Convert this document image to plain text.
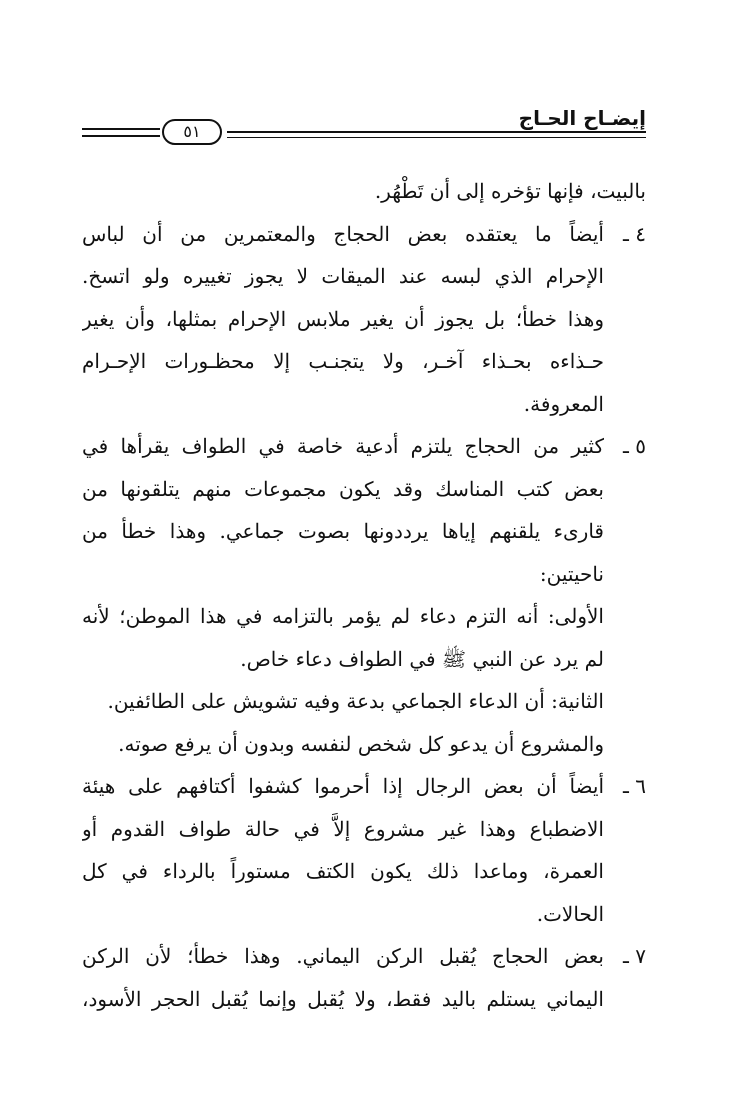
إيضـاح الحـاج
٥١
بالبيت، فإنها تؤخره إلى أن تَطْهُر.
٤ ـ
أيضاً ما يعتقده بعض الحجاج والمعتمرين من أن لباس
الإحرام الذي لبسه عند الميقات لا يجوز تغييره ولو اتسخ.
وهذا خطأ؛ بل يجوز أن يغير ملابس الإحرام بمثلها، وأن يغير
حـذاءه بحـذاء آخـر، ولا يتجنـب إلا محظـورات الإحـرام
المعروفة.
٥ ـ
كثير من الحجاج يلتزم أدعية خاصة في الطواف يقرأها في
بعض كتب المناسك وقد يكون مجموعات منهم يتلقونها من
قارىء يلقنهم إياها يرددونها بصوت جماعي. وهذا خطأ من
ناحيتين:
الأولى: أنه التزم دعاء لم يؤمر بالتزامه في هذا الموطن؛ لأنه
لم يرد عن النبي ﷺ في الطواف دعاء خاص.
الثانية: أن الدعاء الجماعي بدعة وفيه تشويش على الطائفين.
والمشروع أن يدعو كل شخص لنفسه وبدون أن يرفع صوته.
٦ ـ
أيضاً أن بعض الرجال إذا أحرموا كشفوا أكتافهم على هيئة
الاضطباع وهذا غير مشروع إلاَّ في حالة طواف القدوم أو
العمرة، وماعدا ذلك يكون الكتف مستوراً بالرداء في كل
الحالات.
٧ ـ
بعض الحجاج يُقبل الركن اليماني. وهذا خطأ؛ لأن الركن
اليماني يستلم باليد فقط، ولا يُقبل وإنما يُقبل الحجر الأسود،
